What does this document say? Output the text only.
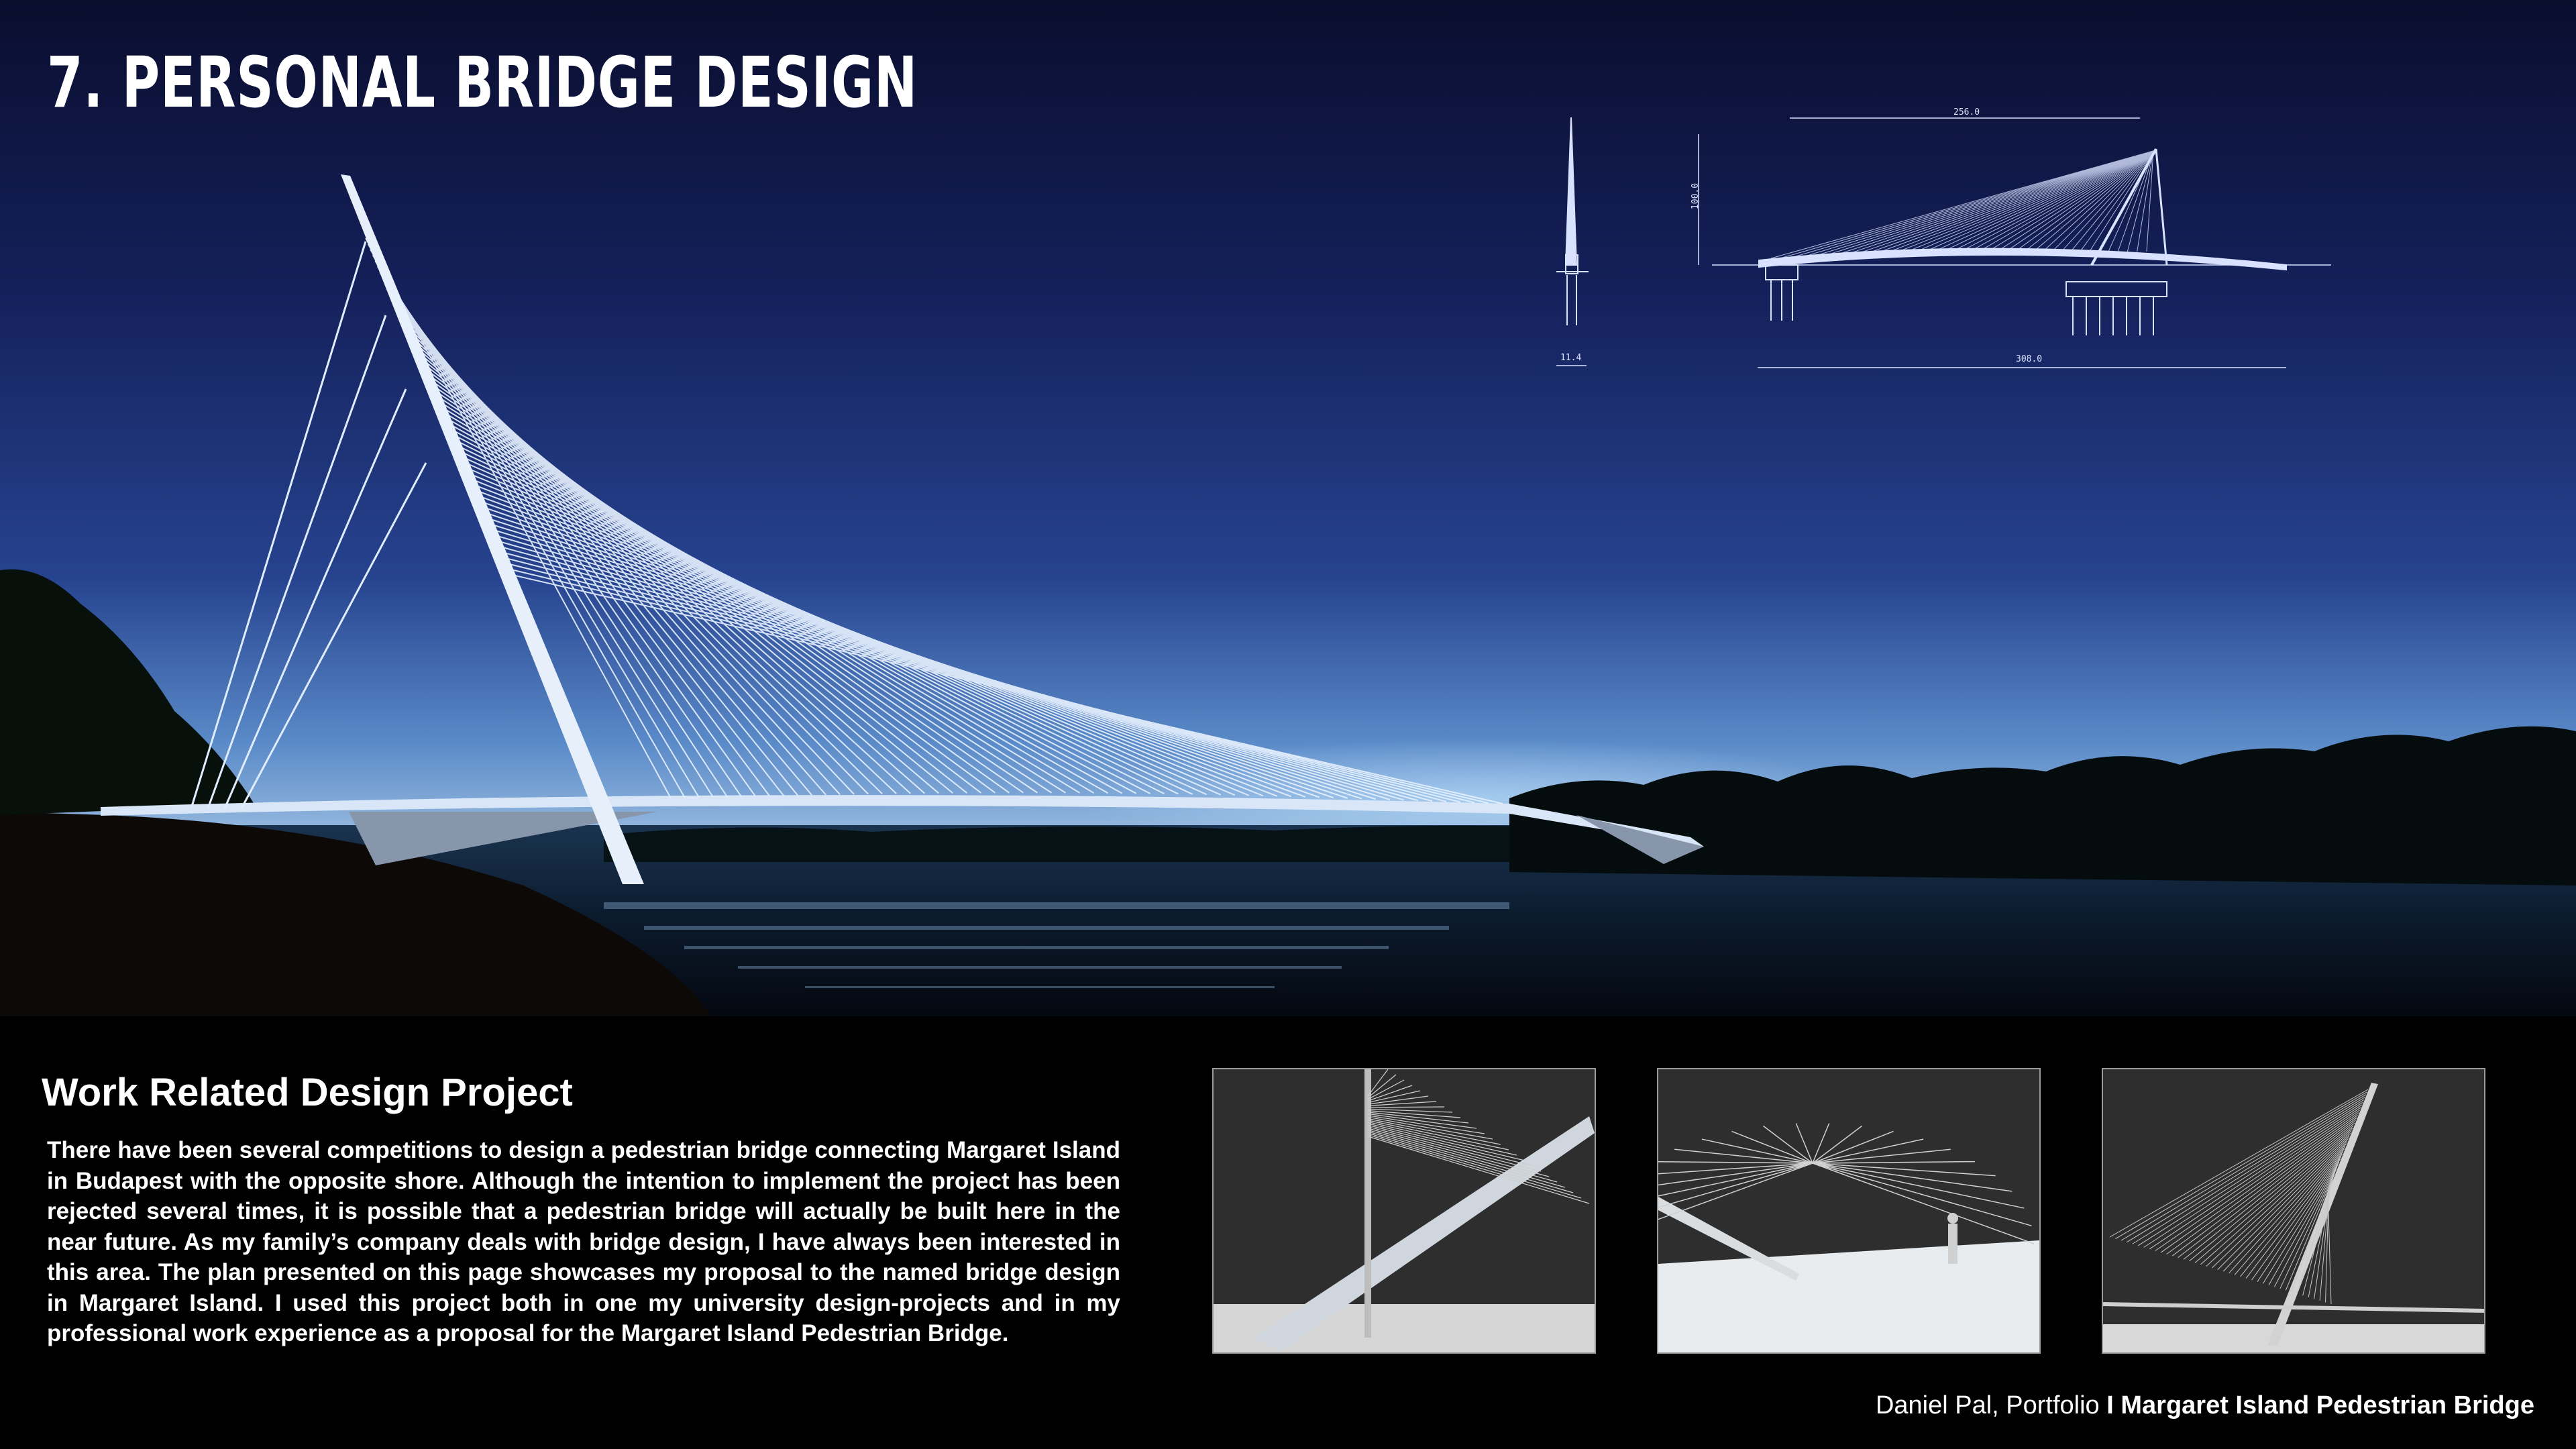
256.0
100.0
308.0
11.4
7. PERSONAL BRIDGE DESIGN
Work Related Design Project

There have been several competitions to design a pedestrian bridge connecting Margaret Island in Budapest with the opposite shore. Although the intention to implement the project has been rejected several times, it is possible that a pedestrian bridge will actually be built here in the near future. As my family’s company deals with bridge design, I have always been interested in this area. The plan presented on this page showcases my proposal to the named bridge design in Margaret Island. I used this project both in one my university design-projects and in my professional work experience as a proposal for the Margaret Island Pedestrian Bridge.

Daniel Pal, Portfolio I Margaret Island Pedestrian Bridge
